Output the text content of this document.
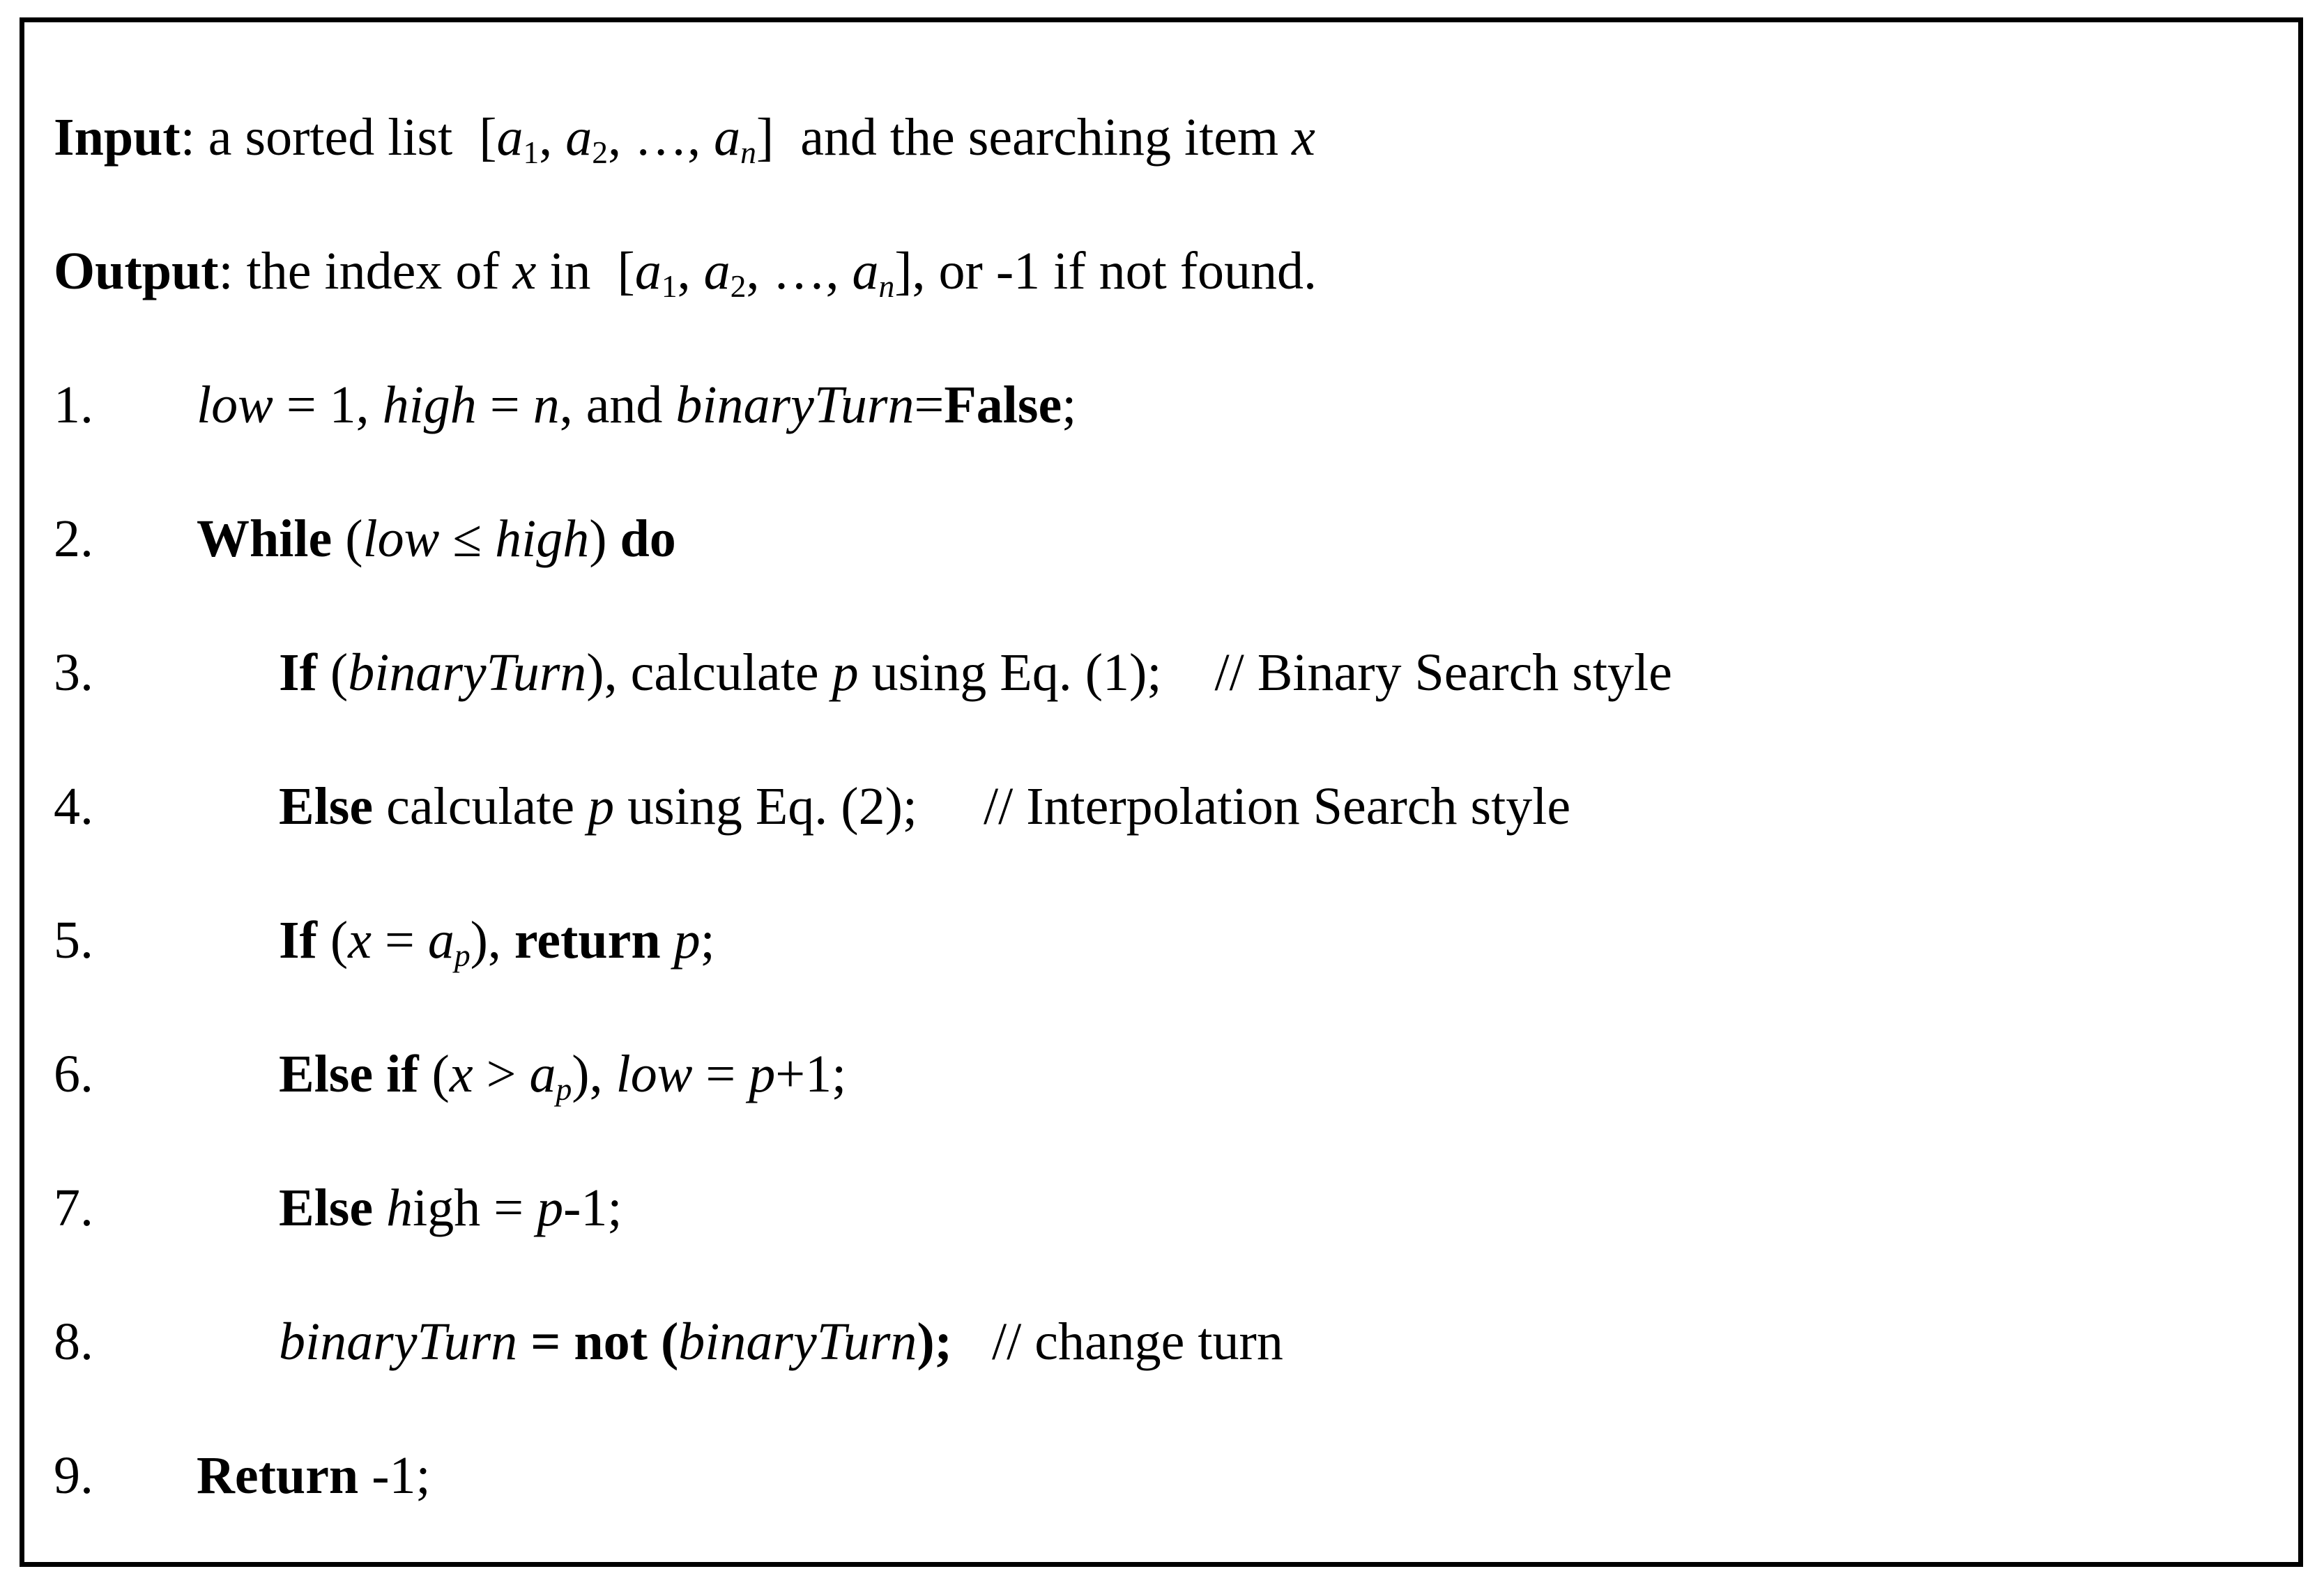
Input: a sorted list  [a1, a2, …, an]  and the searching item x
Output: the index of x in  [a1, a2, …, an], or -1 if not found.
1.	low = 1, high = n, and binaryTurn=False;
2.	While (low ≤ high) do
3.	If (binaryTurn), calculate p using Eq. (1);    // Binary Search style
4.	Else calculate p using Eq. (2);     // Interpolation Search style
5.	If (x = ap), return p;
6.	Else if (x > ap), low = p+1;
7.	Else high = p-1;
8.	binaryTurn = not (binaryTurn);   // change turn
9.	Return -1;
